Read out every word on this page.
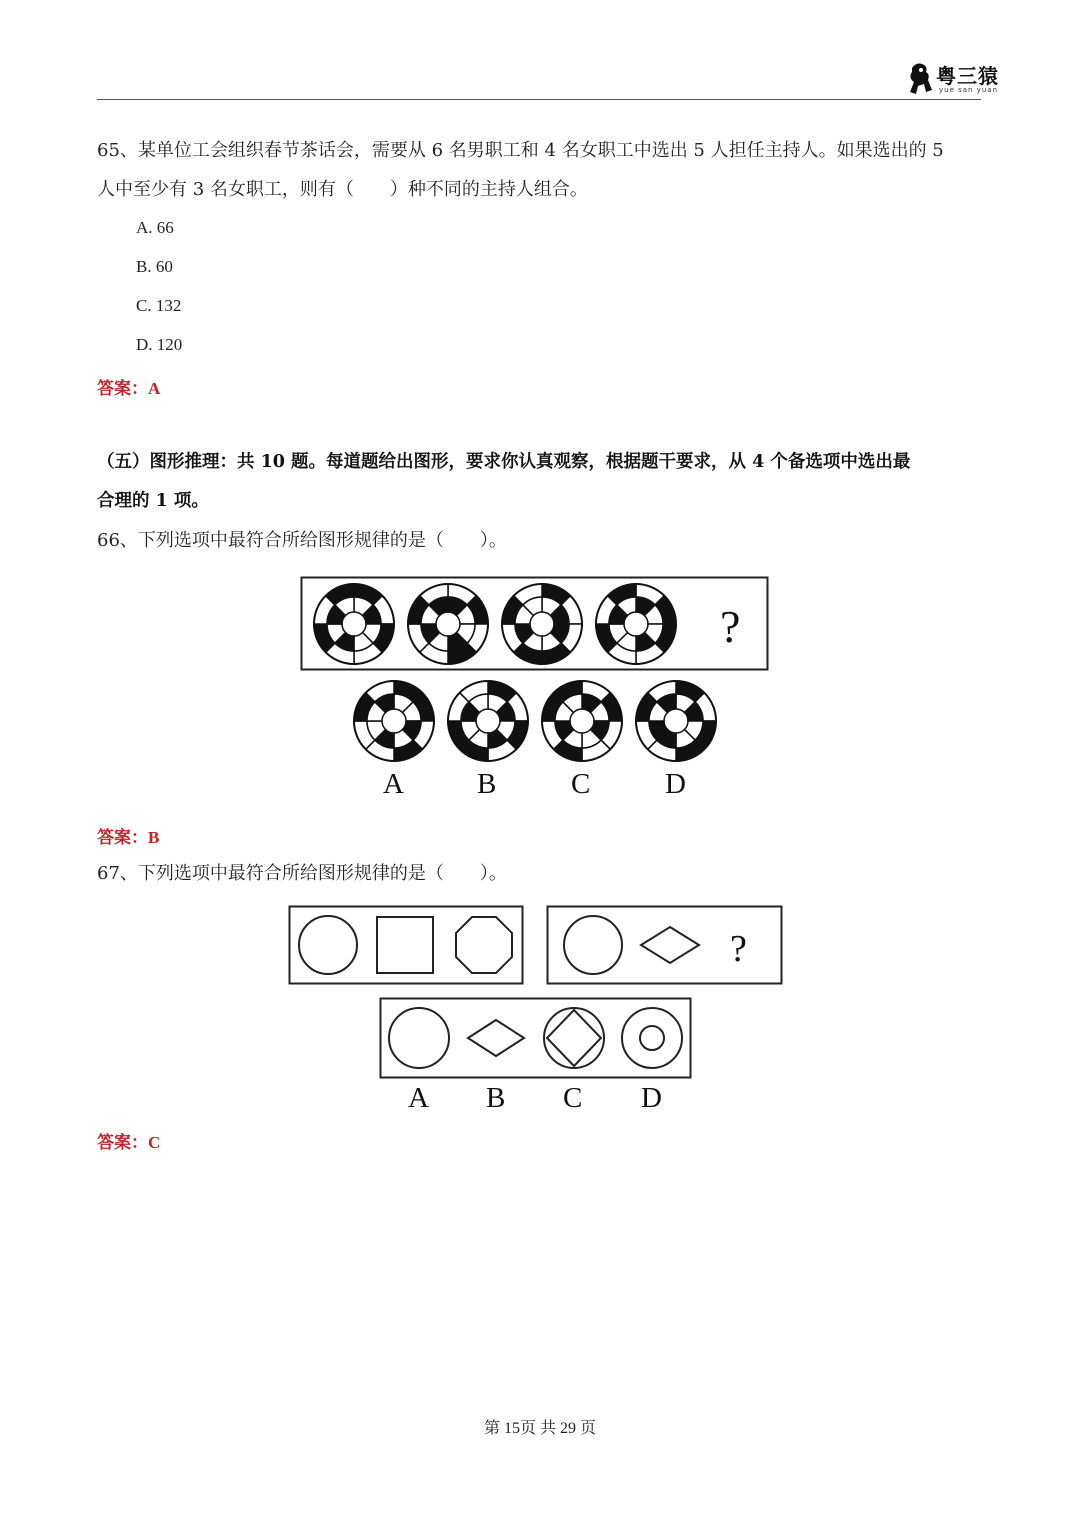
粤三猿
yue san yuan
65、某单位工会组织春节茶话会，需要从 6 名男职工和 4 名女职工中选出 5 人担任主持人。如果选出的 5
人中至少有 3 名女职工，则有（　　）种不同的主持人组合。
A. 66
B. 60
C. 132
D. 120
答案：A
（五）图形推理：共 10 题。每道题给出图形，要求你认真观察，根据题干要求，从 4 个备选项中选出最
合理的 1 项。
66、下列选项中最符合所给图形规律的是（　　）。
?
A	B	C	D
答案：B
67、下列选项中最符合所给图形规律的是（　　）。
?
A B C D
答案：C
第 15页 共 29 页
